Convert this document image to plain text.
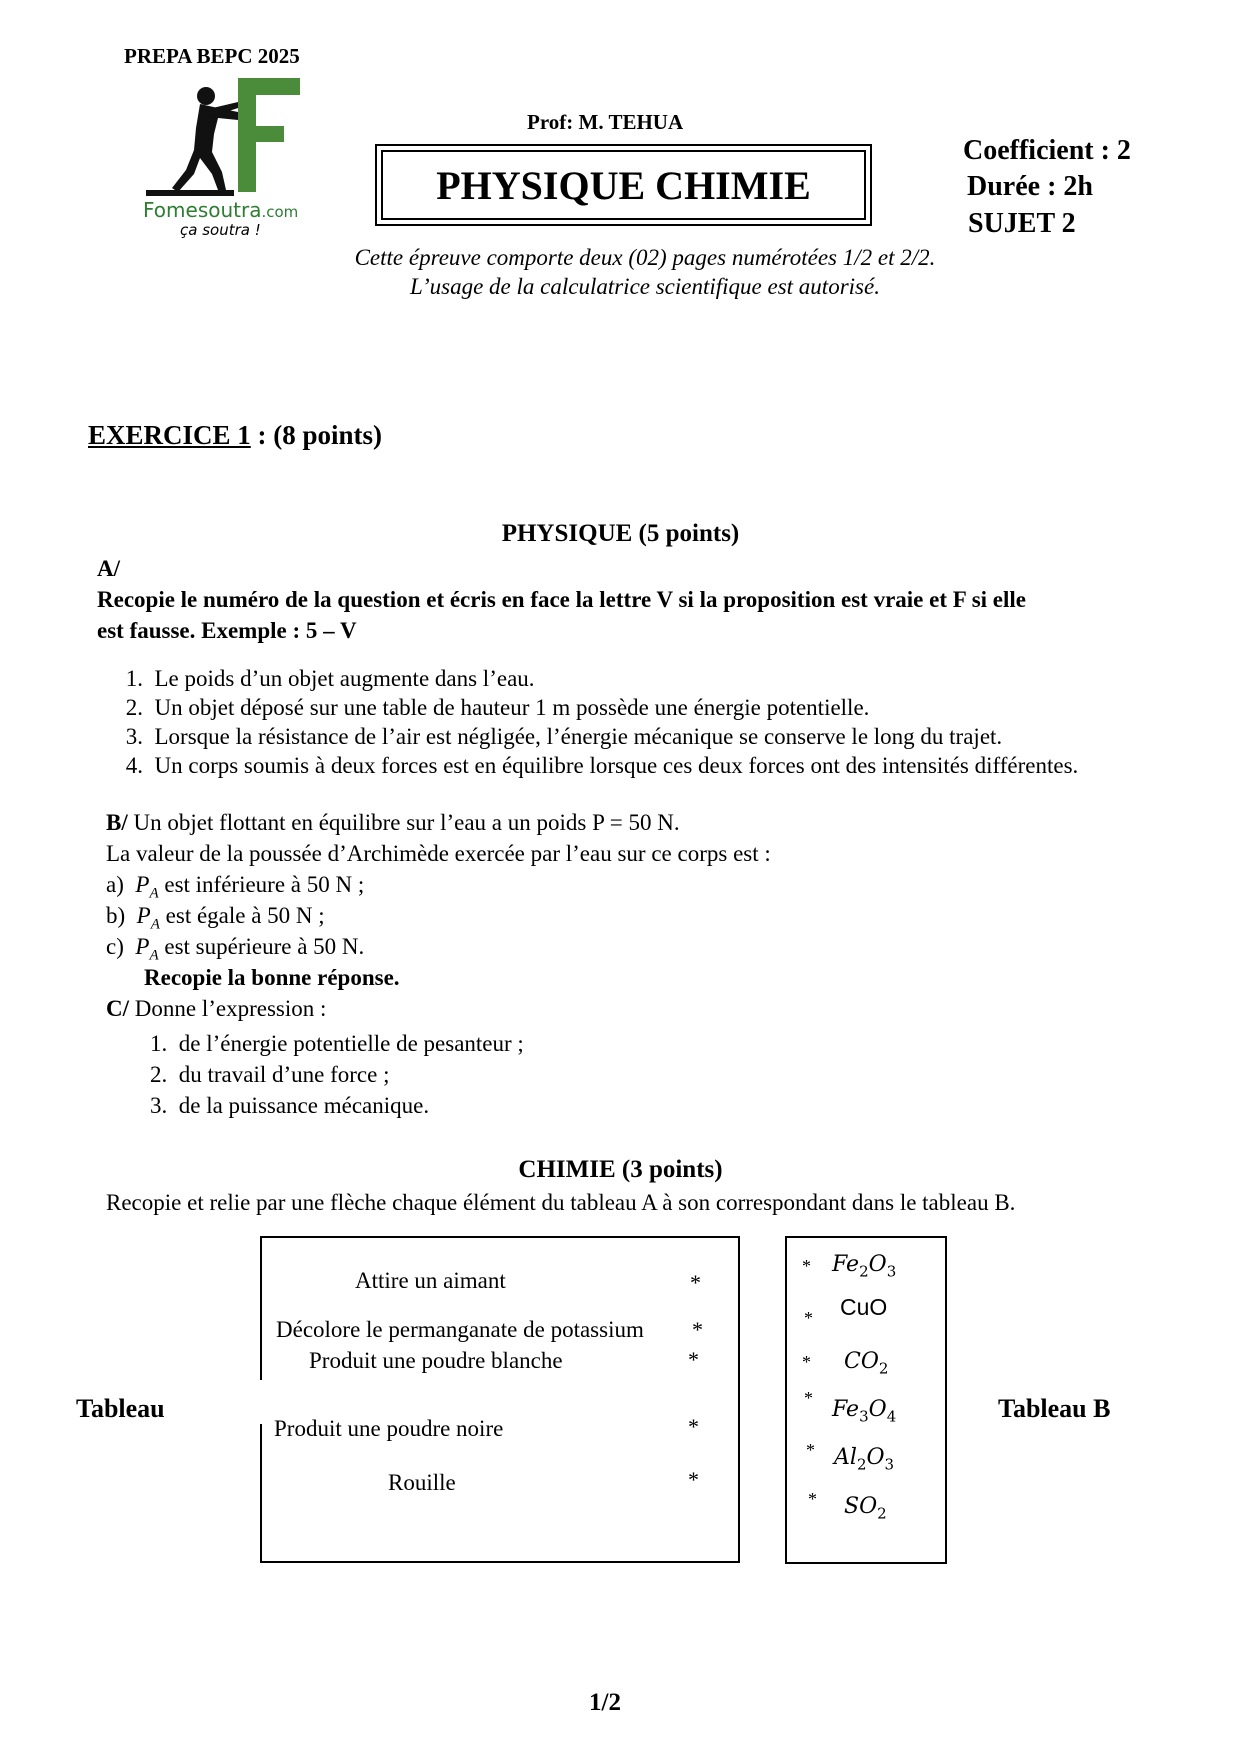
PREPA BEPC 2025
Fomesoutra.com
ça soutra !
Prof: M. TEHUA
PHYSIQUE CHIMIE
Coefficient : 2
Durée : 2h
SUJET 2
Cette épreuve comporte deux (02) pages numérotées 1/2 et 2/2.
L’usage de la calculatrice scientifique est autorisé.
EXERCICE 1 : (8 points)
PHYSIQUE (5 points)
A/
Recopie le numéro de la question et écris en face la lettre V si la proposition est vraie et F si elle
est fausse. Exemple : 5 – V
1. Le poids d’un objet augmente dans l’eau.
2. Un objet déposé sur une table de hauteur 1 m possède une énergie potentielle.
3. Lorsque la résistance de l’air est négligée, l’énergie mécanique se conserve le long du trajet.
4. Un corps soumis à deux forces est en équilibre lorsque ces deux forces ont des intensités différentes.
B/ Un objet flottant en équilibre sur l’eau a un poids P = 50 N.
La valeur de la poussée d’Archimède exercée par l’eau sur ce corps est :
a) $P_A$ est inférieure à 50 N ;
b) $P_A$ est égale à 50 N ;
c) $P_A$ est supérieure à 50 N.
Recopie la bonne réponse.
C/ Donne l’expression :
1. de l’énergie potentielle de pesanteur ;
2. du travail d’une force ;
3. de la puissance mécanique.
CHIMIE (3 points)
Recopie et relie par une flèche chaque élément du tableau A à son correspondant dans le tableau B.
Tableau	Tableau B
Attire un aimant
Décolore le permanganate de potassium
Produit une poudre blanche
Produit une poudre noire
Rouille
*
*
*
*
*
* $Fe_2O_3$
* CuO
* $CO_2$
* $Fe_3O_4$
* $Al_2O_3$
* $SO_2$
1/2
